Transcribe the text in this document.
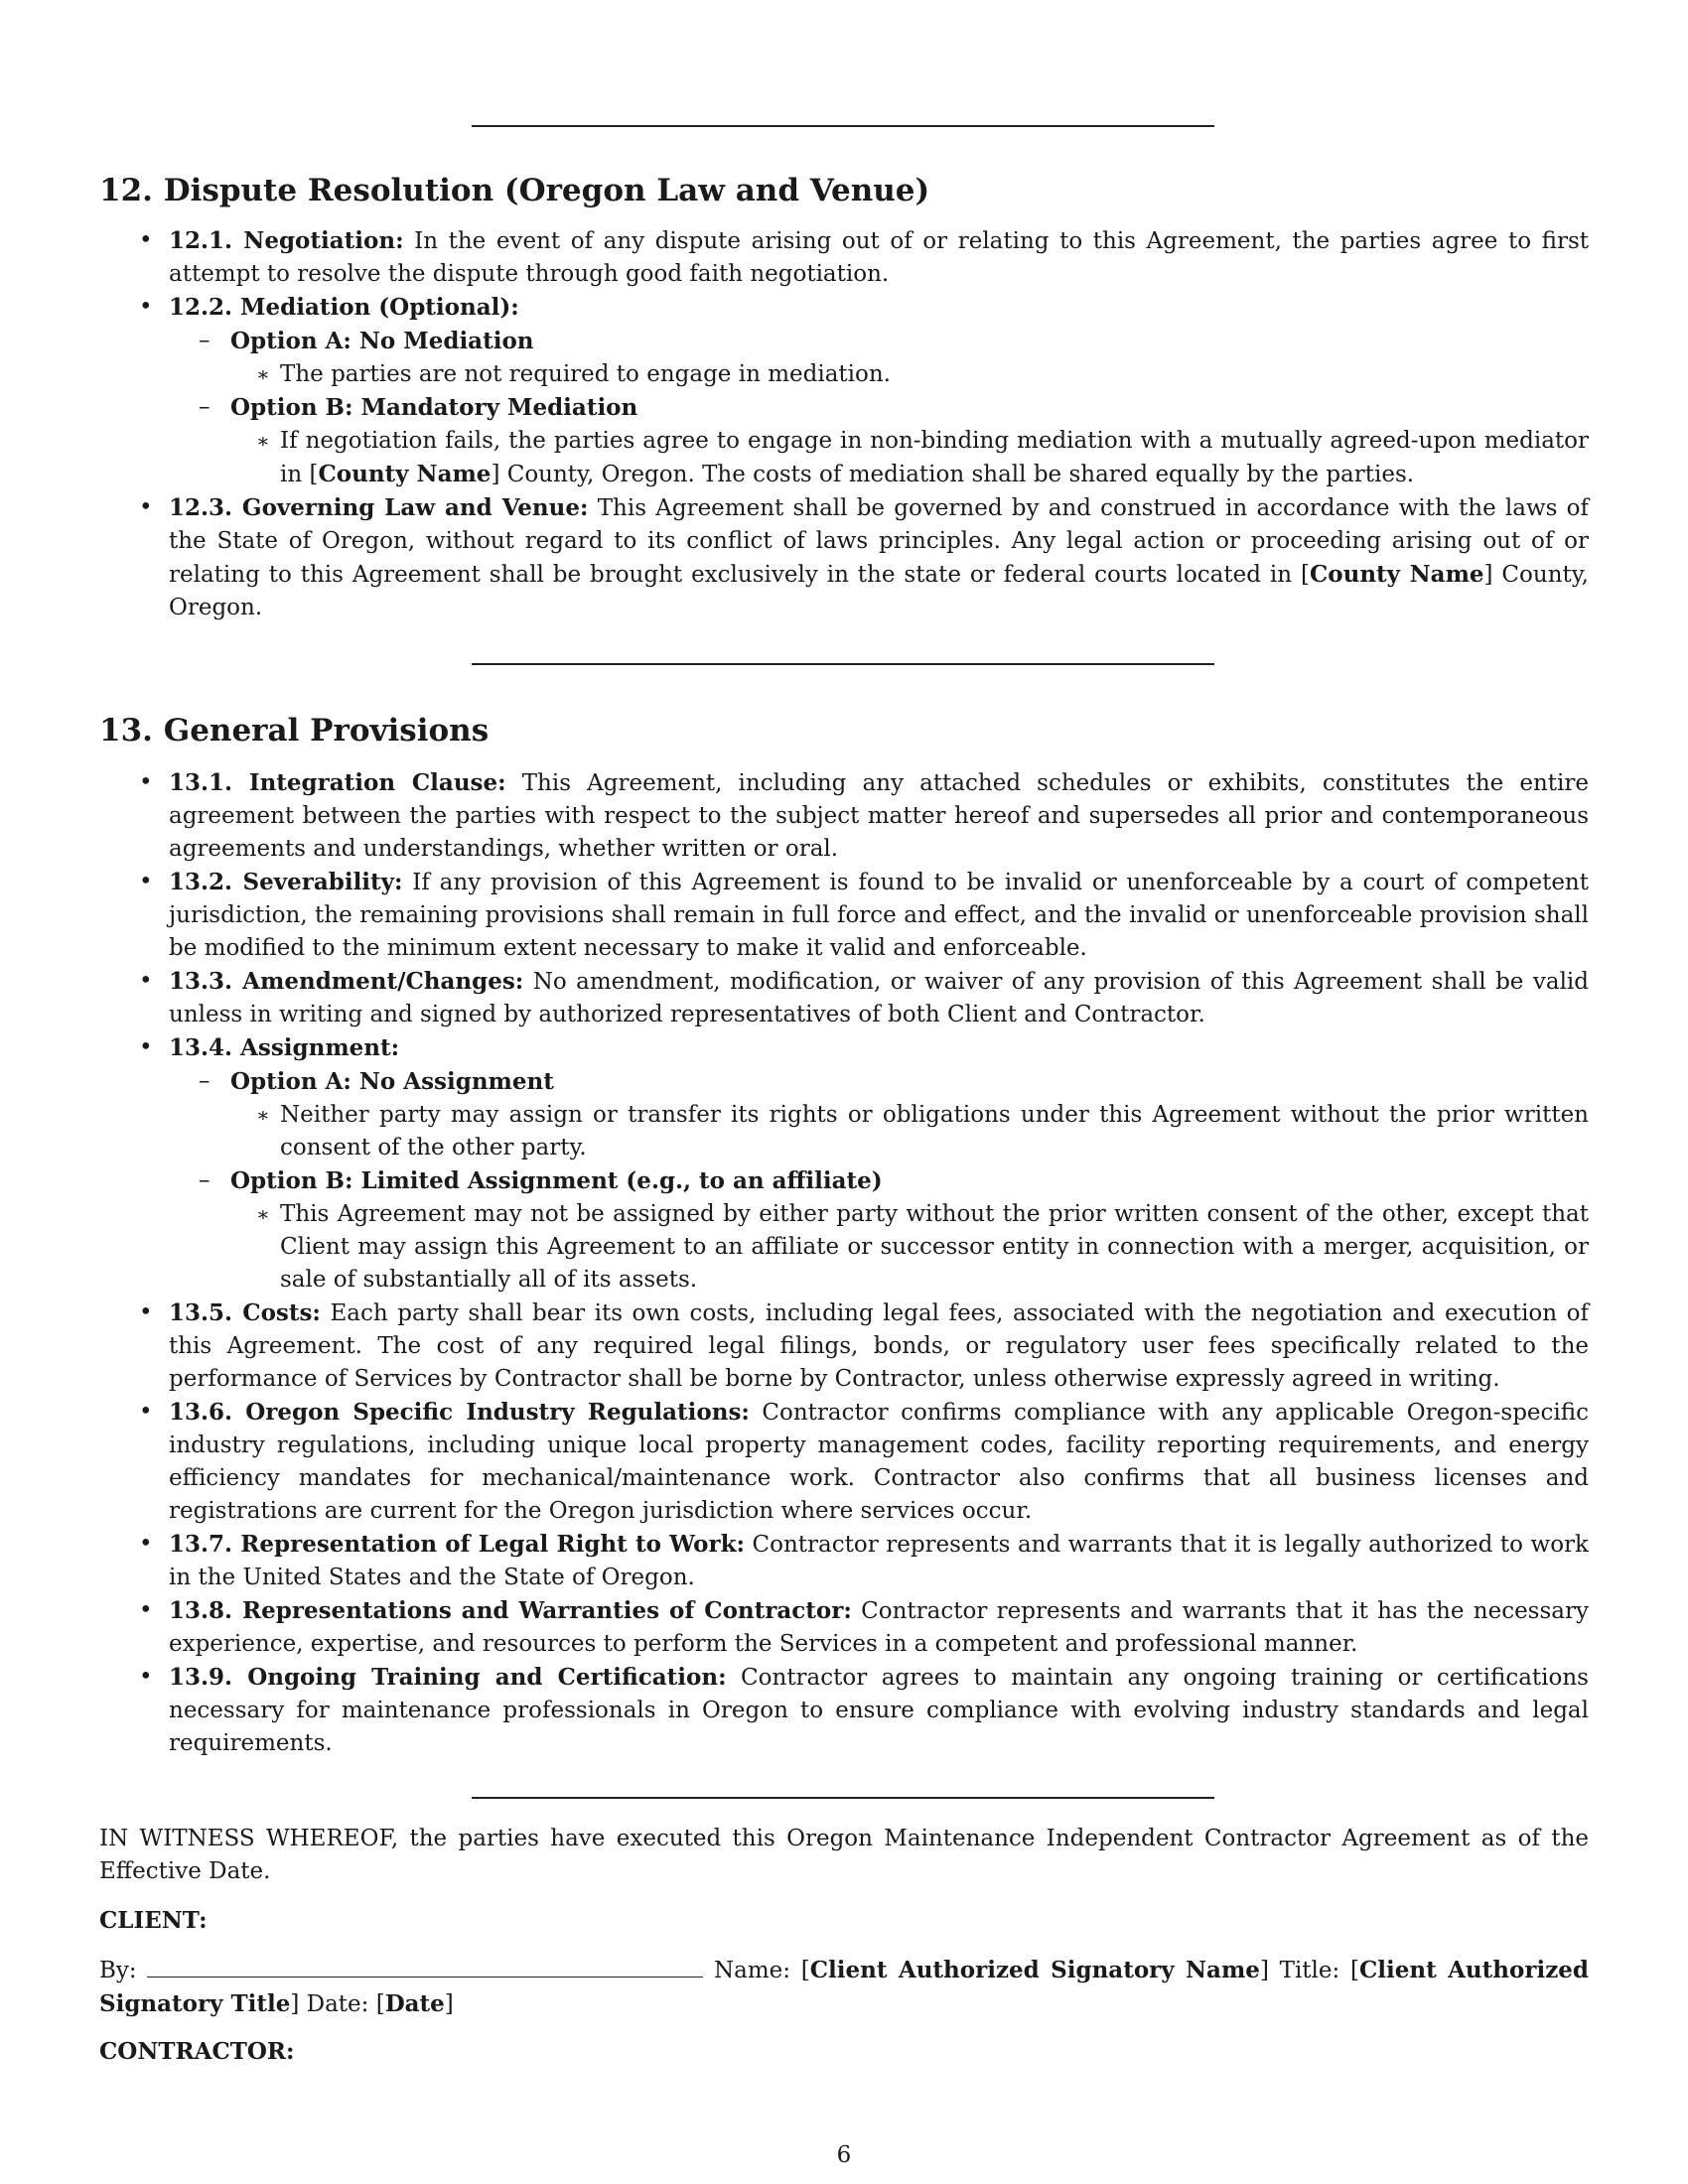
12. Dispute Resolution (Oregon Law and Venue)
• 12.1. Negotiation: In the event of any dispute arising out of or relating to this Agreement, the parties agree to first attempt to resolve the dispute through good faith negotiation.
• 12.2. Mediation (Optional):
– Option A: No Mediation
∗ The parties are not required to engage in mediation.
– Option B: Mandatory Mediation
∗ If negotiation fails, the parties agree to engage in non-binding mediation with a mutually agreed-upon mediator in [County Name] County, Oregon. The costs of mediation shall be shared equally by the parties.
• 12.3. Governing Law and Venue: This Agreement shall be governed by and construed in accordance with the laws of the State of Oregon, without regard to its conflict of laws principles. Any legal action or proceeding arising out of or relating to this Agreement shall be brought exclusively in the state or federal courts located in [County Name] County, Oregon.
13. General Provisions
• 13.1. Integration Clause: This Agreement, including any attached schedules or exhibits, constitutes the entire agreement between the parties with respect to the subject matter hereof and supersedes all prior and contemporaneous agreements and understandings, whether written or oral.
• 13.2. Severability: If any provision of this Agreement is found to be invalid or unenforceable by a court of competent jurisdiction, the remaining provisions shall remain in full force and effect, and the invalid or unenforceable provision shall be modified to the minimum extent necessary to make it valid and enforceable.
• 13.3. Amendment/Changes: No amendment, modification, or waiver of any provision of this Agreement shall be valid unless in writing and signed by authorized representatives of both Client and Contractor.
• 13.4. Assignment:
– Option A: No Assignment
∗ Neither party may assign or transfer its rights or obligations under this Agreement without the prior written consent of the other party.
– Option B: Limited Assignment (e.g., to an affiliate)
∗ This Agreement may not be assigned by either party without the prior written consent of the other, except that Client may assign this Agreement to an affiliate or successor entity in connection with a merger, acquisition, or sale of substantially all of its assets.
• 13.5. Costs: Each party shall bear its own costs, including legal fees, associated with the negotiation and execution of this Agreement. The cost of any required legal filings, bonds, or regulatory user fees specifically related to the performance of Services by Contractor shall be borne by Contractor, unless otherwise expressly agreed in writing.
• 13.6. Oregon Specific Industry Regulations: Contractor confirms compliance with any applicable Oregon-specific industry regulations, including unique local property management codes, facility reporting requirements, and energy efficiency mandates for mechanical/maintenance work. Contractor also confirms that all business licenses and registrations are current for the Oregon jurisdiction where services occur.
• 13.7. Representation of Legal Right to Work: Contractor represents and warrants that it is legally authorized to work in the United States and the State of Oregon.
• 13.8. Representations and Warranties of Contractor: Contractor represents and warrants that it has the necessary experience, expertise, and resources to perform the Services in a competent and professional manner.
• 13.9. Ongoing Training and Certification: Contractor agrees to maintain any ongoing training or certifications necessary for maintenance professionals in Oregon to ensure compliance with evolving industry standards and legal requirements.
IN WITNESS WHEREOF, the parties have executed this Oregon Maintenance Independent Contractor Agreement as of the Effective Date.
CLIENT:
By:	Name: [Client Authorized Signatory Name] Title: [Client Authorized Signatory Title] Date: [Date]
CONTRACTOR:
6
